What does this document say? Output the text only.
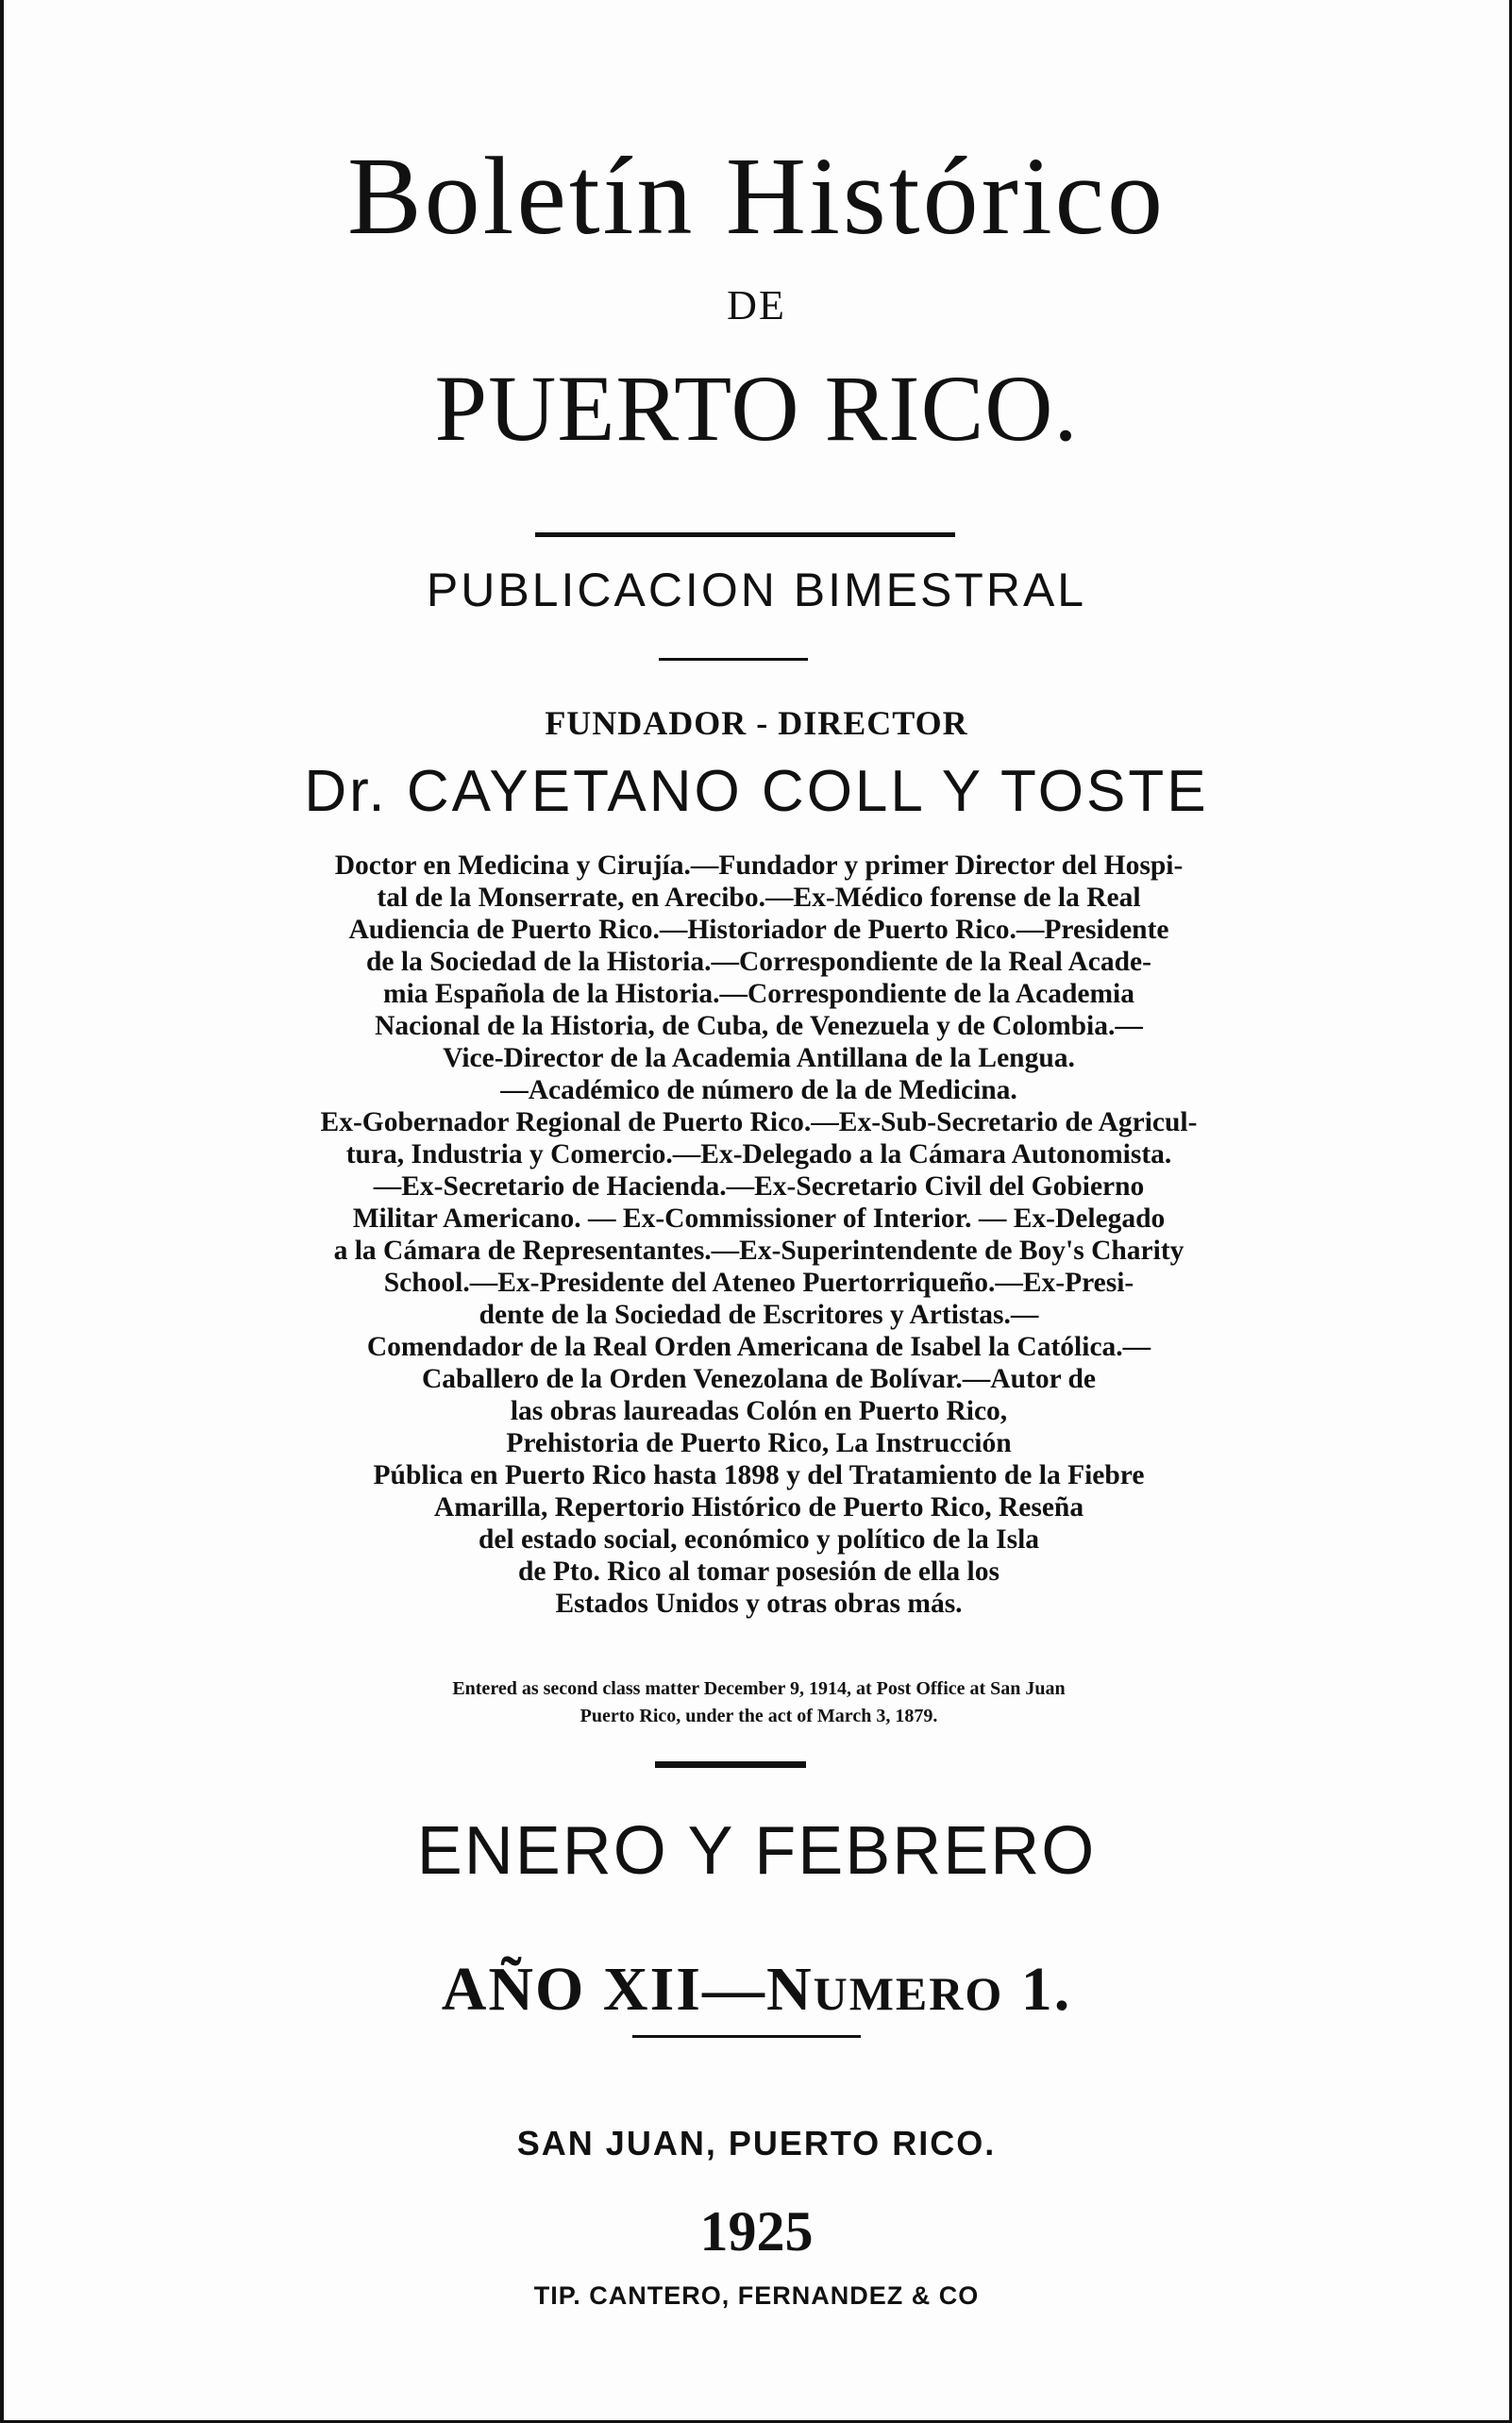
Boletín Histórico
DE
PUERTO RICO.
PUBLICACION BIMESTRAL
FUNDADOR - DIRECTOR
Dr. CAYETANO COLL Y TOSTE
Doctor en Medicina y Cirujía.—Fundador y primer Director del Hospi-
tal de la Monserrate, en Arecibo.—Ex-Médico forense de la Real
Audiencia de Puerto Rico.—Historiador de Puerto Rico.—Presidente
de la Sociedad de la Historia.—Correspondiente de la Real Acade-
mia Española de la Historia.—Correspondiente de la Academia
Nacional de la Historia, de Cuba, de Venezuela y de Colombia.—
Vice-Director de la Academia Antillana de la Lengua.
—Académico de número de la de Medicina.
Ex-Gobernador Regional de Puerto Rico.—Ex-Sub-Secretario de Agricul-
tura, Industria y Comercio.—Ex-Delegado a la Cámara Autonomista.
—Ex-Secretario de Hacienda.—Ex-Secretario Civil del Gobierno
Militar Americano. — Ex-Commissioner of Interior. — Ex-Delegado
a la Cámara de Representantes.—Ex-Superintendente de Boy's Charity
School.—Ex-Presidente del Ateneo Puertorriqueño.—Ex-Presi-
dente de la Sociedad de Escritores y Artistas.—
Comendador de la Real Orden Americana de Isabel la Católica.—
Caballero de la Orden Venezolana de Bolívar.—Autor de
las obras laureadas Colón en Puerto Rico,
Prehistoria de Puerto Rico, La Instrucción
Pública en Puerto Rico hasta 1898 y del Tratamiento de la Fiebre
Amarilla, Repertorio Histórico de Puerto Rico, Reseña
del estado social, económico y político de la Isla
de Pto. Rico al tomar posesión de ella los
Estados Unidos y otras obras más.
Entered as second class matter December 9, 1914, at Post Office at San Juan
Puerto Rico, under the act of March 3, 1879.
ENERO Y FEBRERO
AÑO XII—NUMERO 1.
SAN JUAN, PUERTO RICO.
1925
TIP. CANTERO, FERNANDEZ & CO
